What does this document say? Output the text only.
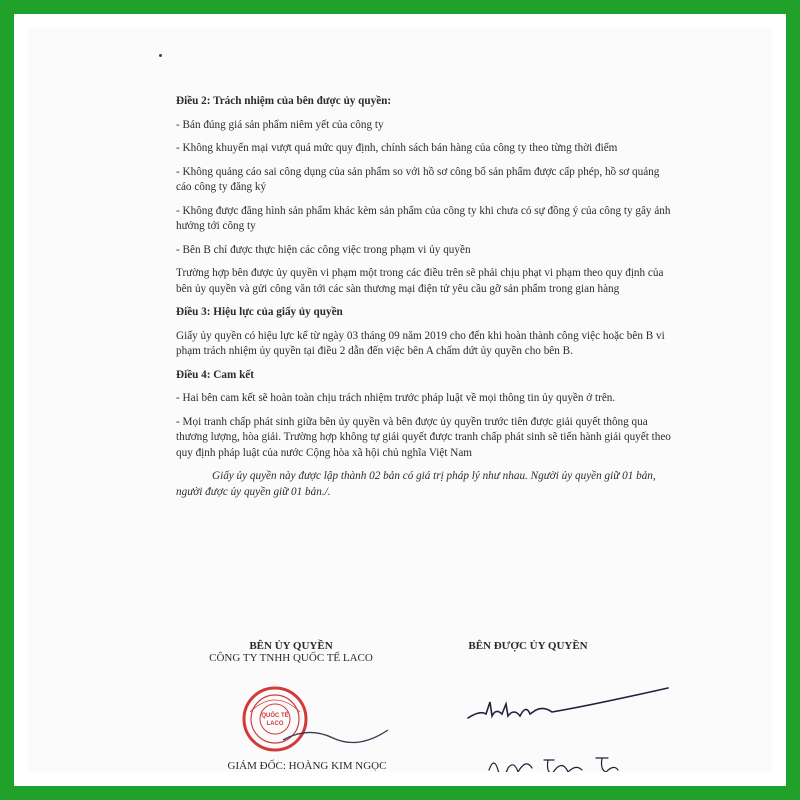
Điều 2: Trách nhiệm của bên được ủy quyền:

- Bán đúng giá sản phẩm niêm yết của công ty

- Không khuyến mại vượt quá mức quy định, chính sách bán hàng của công ty theo từng thời điểm

- Không quảng cáo sai công dụng của sản phẩm so với hồ sơ công bố sản phẩm được cấp phép, hồ sơ quảng cáo công ty đăng ký

- Không được đăng hình sản phẩm khác kèm sản phẩm của công ty khi chưa có sự đồng ý của công ty gây ảnh hưởng tới công ty

- Bên B chỉ được thực hiện các công việc trong phạm vi ủy quyền

Trường hợp bên được ủy quyền vi phạm một trong các điều trên sẽ phải chịu phạt vi phạm theo quy định của bên ủy quyền và gửi công văn tới các sàn thương mại điện tử yêu cầu gỡ sản phẩm trong gian hàng

Điều 3: Hiệu lực của giấy ủy quyền

Giấy ủy quyền có hiệu lực kể từ ngày 03 tháng 09 năm 2019 cho đến khi hoàn thành công việc hoặc bên B vi phạm trách nhiệm ủy quyền tại điều 2 dẫn đến việc bên A chấm dứt ủy quyền cho bên B.

Điều 4: Cam kết

- Hai bên cam kết sẽ hoàn toàn chịu trách nhiệm trước pháp luật về mọi thông tin ủy quyền ở trên.

- Mọi tranh chấp phát sinh giữa bên ủy quyền và bên được ủy quyền trước tiên được giải quyết thông qua thương lượng, hòa giải. Trường hợp không tự giải quyết được tranh chấp phát sinh sẽ tiến hành giải quyết theo quy định pháp luật của nước Cộng hòa xã hội chủ nghĩa Việt Nam

Giấy ủy quyền này được lập thành 02 bản có giá trị pháp lý như nhau. Người ủy quyền giữ 01 bản, người được ủy quyền giữ 01 bản./.

BÊN ỦY QUYỀN
CÔNG TY TNHH QUỐC TẾ LACO
BÊN ĐƯỢC ỦY QUYỀN
QUỐC TẾ
LACO
GIÁM ĐỐC: HOÀNG KIM NGỌC
